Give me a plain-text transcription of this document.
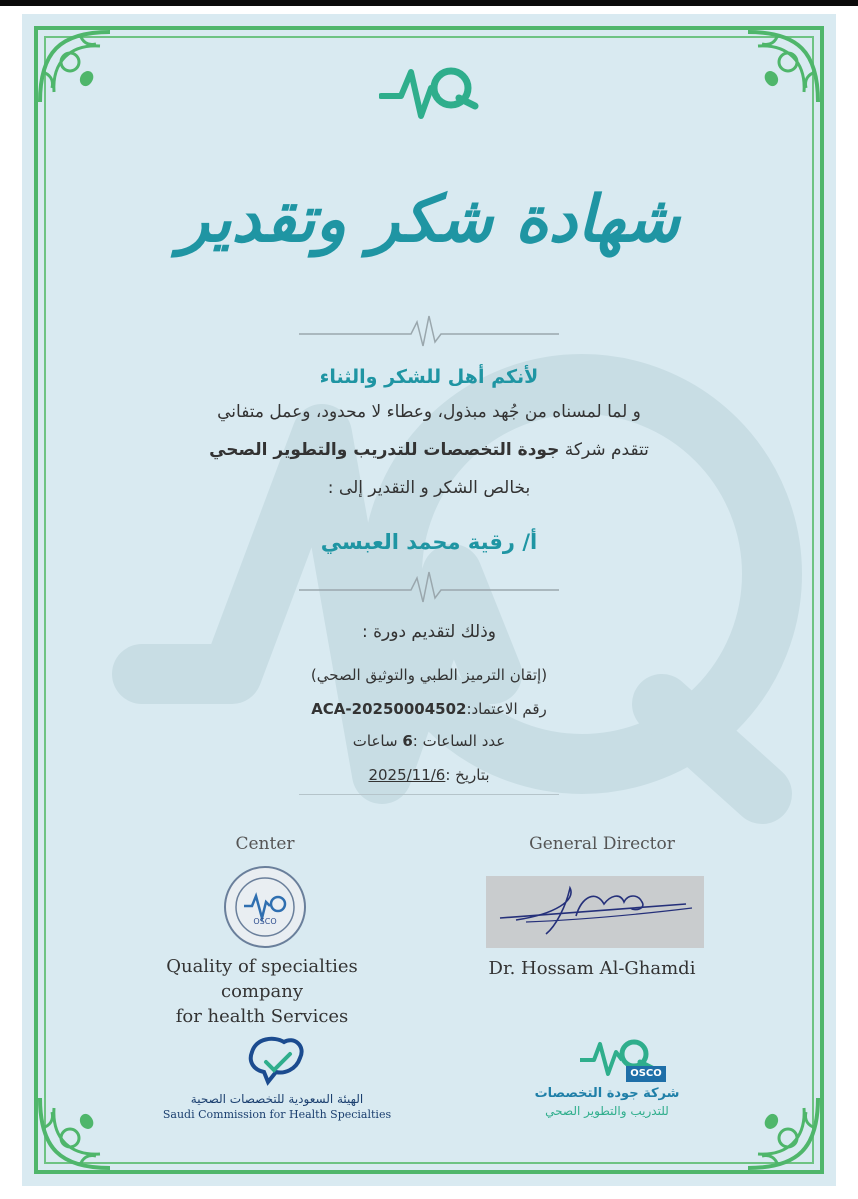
شهادة شكر وتقدير
لأنكم أهل للشكر والثناء
و لما لمسناه من جُهد مبذول، وعطاء لا محدود، وعمل متفاني
تتقدم شركة جودة التخصصات للتدريب والتطوير الصحي
بخالص الشكر و التقدير إلى :
أ/ رقية محمد العبسي
وذلك لتقديم دورة :
(إتقان الترميز الطبي والتوثيق الصحي)
رقم الاعتماد:ACA-20250004502
عدد الساعات :6 ساعات
بتاريخ :2025/11/6
Center
OSCO
Quality of specialties company
for health Services
General Director
Dr. Hossam Al-Ghamdi
الهيئة السعودية للتخصصات الصحية
Saudi Commission for Health Specialties
OSCO
شركة جودة التخصصات
للتدريب والتطوير الصحي
